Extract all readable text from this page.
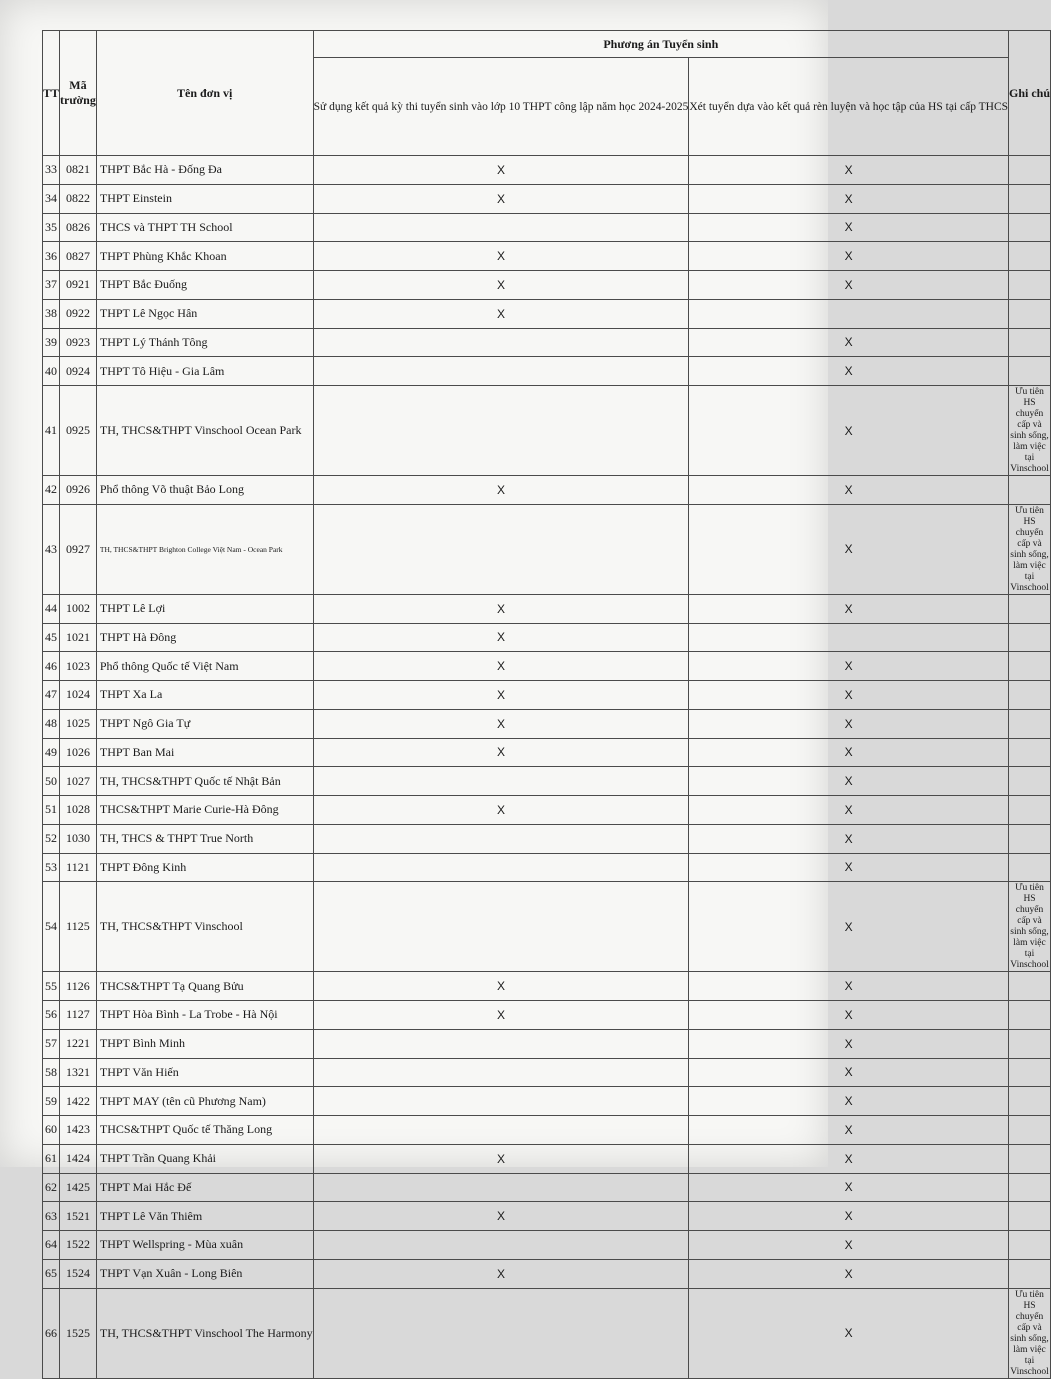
TT	Mã trường	Tên đơn vị	Phương án Tuyển sinh		Ghi chú
			Sử dụng kết quả kỳ thi tuyển sinh vào lớp 10 THPT công lập năm học 2024-2025	Xét tuyển dựa vào kết quả rèn luyện và học tập của HS tại cấp THCS	
33	0821	THPT Bắc Hà - Đống Đa	X	X	
34	0822	THPT Einstein	X	X	
35	0826	THCS và THPT TH School		X	
36	0827	THPT Phùng Khắc Khoan	X	X	
37	0921	THPT Bắc Đuống	X	X	
38	0922	THPT Lê Ngọc Hân	X		
39	0923	THPT Lý Thánh Tông		X	
40	0924	THPT Tô Hiệu - Gia Lâm		X	
41	0925	TH, THCS&THPT Vinschool Ocean Park		X	Ưu tiên HS chuyển cấp và sinh sống, làm việc tại Vinschool
42	0926	Phổ thông Võ thuật Bảo Long	X	X	
43	0927	TH, THCS&THPT Brighton College Việt Nam - Ocean Park		X	Ưu tiên HS chuyển cấp và sinh sống, làm việc tại Vinschool
44	1002	THPT Lê Lợi	X	X	
45	1021	THPT Hà Đông	X		
46	1023	Phổ thông Quốc tế Việt Nam	X	X	
47	1024	THPT Xa La	X	X	
48	1025	THPT Ngô Gia Tự	X	X	
49	1026	THPT Ban Mai	X	X	
50	1027	TH, THCS&THPT Quốc tế Nhật Bản		X	
51	1028	THCS&THPT Marie Curie-Hà Đông	X	X	
52	1030	TH, THCS & THPT True North		X	
53	1121	THPT Đông Kinh		X	
54	1125	TH, THCS&THPT Vinschool		X	Ưu tiên HS chuyển cấp và sinh sống, làm việc tại Vinschool
55	1126	THCS&THPT Tạ Quang Bửu	X	X	
56	1127	THPT Hòa Bình - La Trobe - Hà Nội	X	X	
57	1221	THPT Bình Minh		X	
58	1321	THPT Văn Hiến		X	
59	1422	THPT MAY (tên cũ Phương Nam)		X	
60	1423	THCS&THPT Quốc tế Thăng Long		X	
61	1424	THPT Trần Quang Khải	X	X	
62	1425	THPT Mai Hắc Đế		X	
63	1521	THPT Lê Văn Thiêm	X	X	
64	1522	THPT Wellspring - Mùa xuân		X	
65	1524	THPT Vạn Xuân - Long Biên	X	X	
66	1525	TH, THCS&THPT Vinschool The Harmony		X	Ưu tiên HS chuyển cấp và sinh sống, làm việc tại Vinschool
